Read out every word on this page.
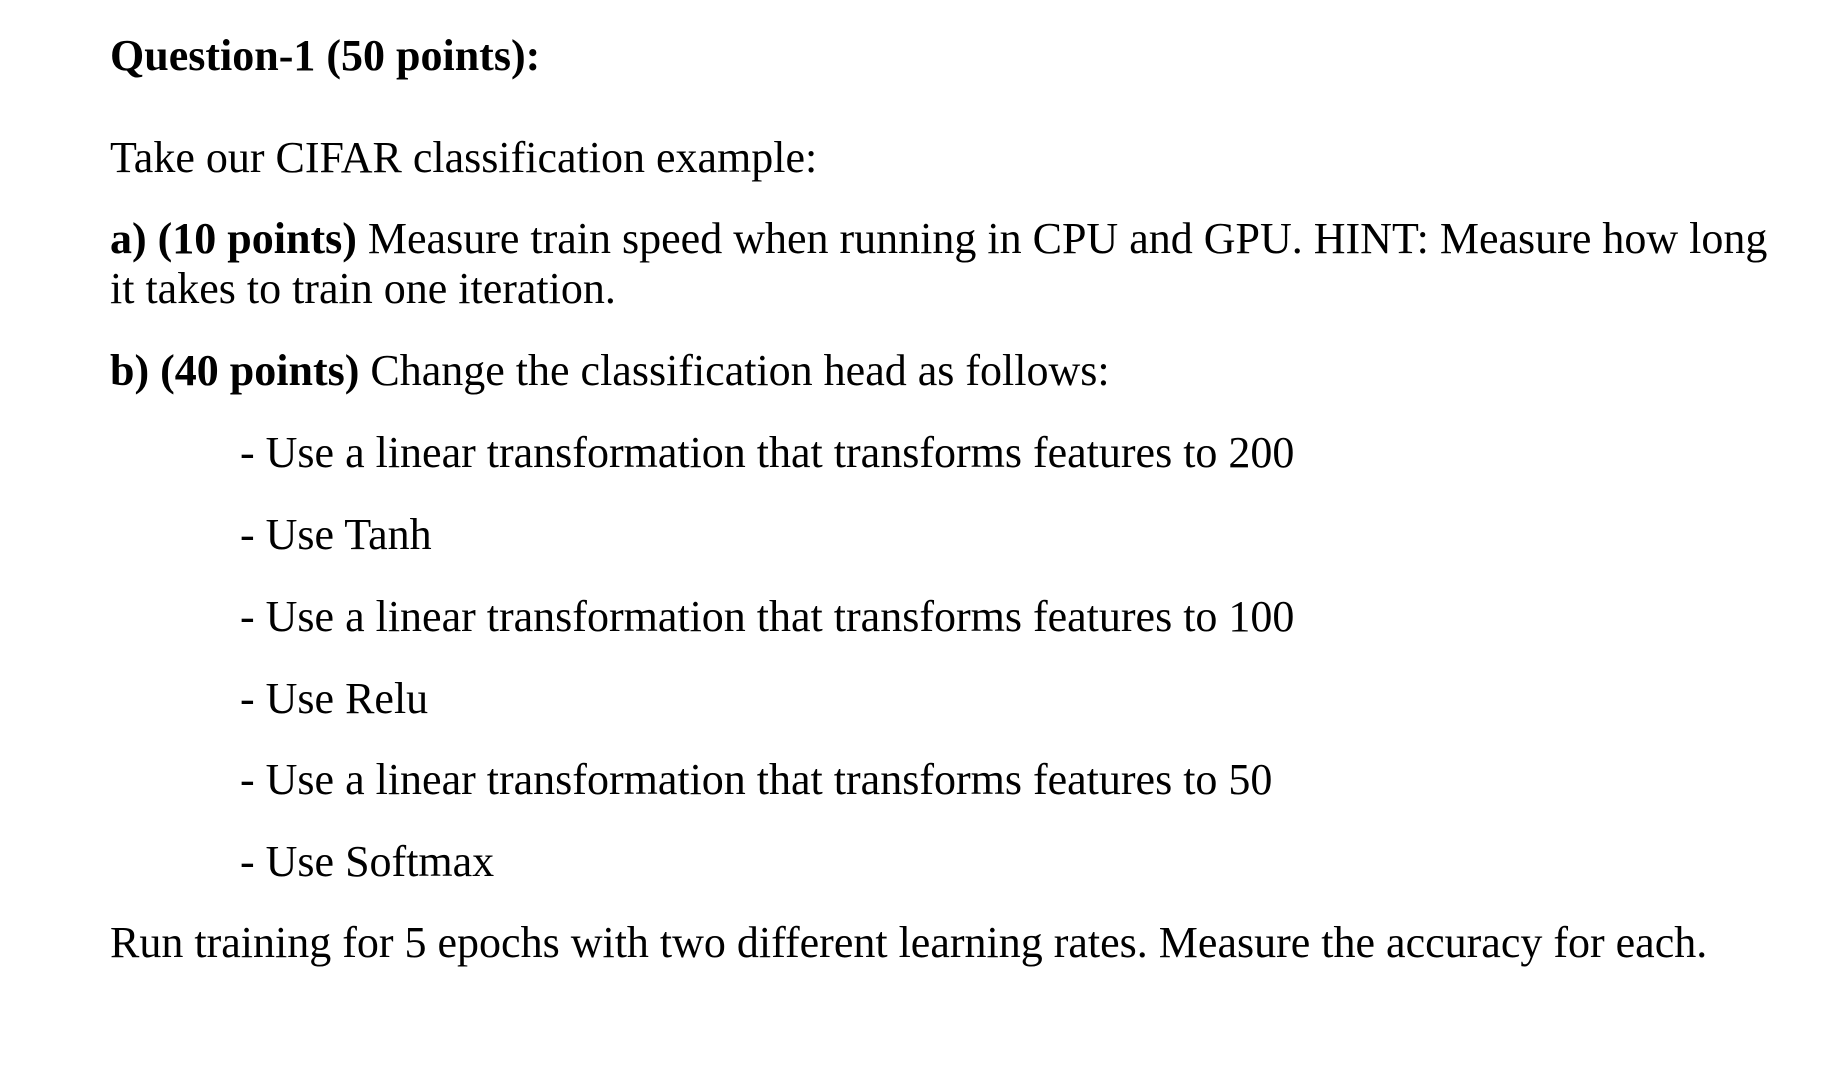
Question-1 (50 points):
Take our CIFAR classification example:
a) (10 points) Measure train speed when running in CPU and GPU. HINT: Measure how long
it takes to train one iteration.
b) (40 points) Change the classification head as follows:
- Use a linear transformation that transforms features to 200
- Use Tanh
- Use a linear transformation that transforms features to 100
- Use Relu
- Use a linear transformation that transforms features to 50
- Use Softmax
Run training for 5 epochs with two different learning rates. Measure the accuracy for each.
